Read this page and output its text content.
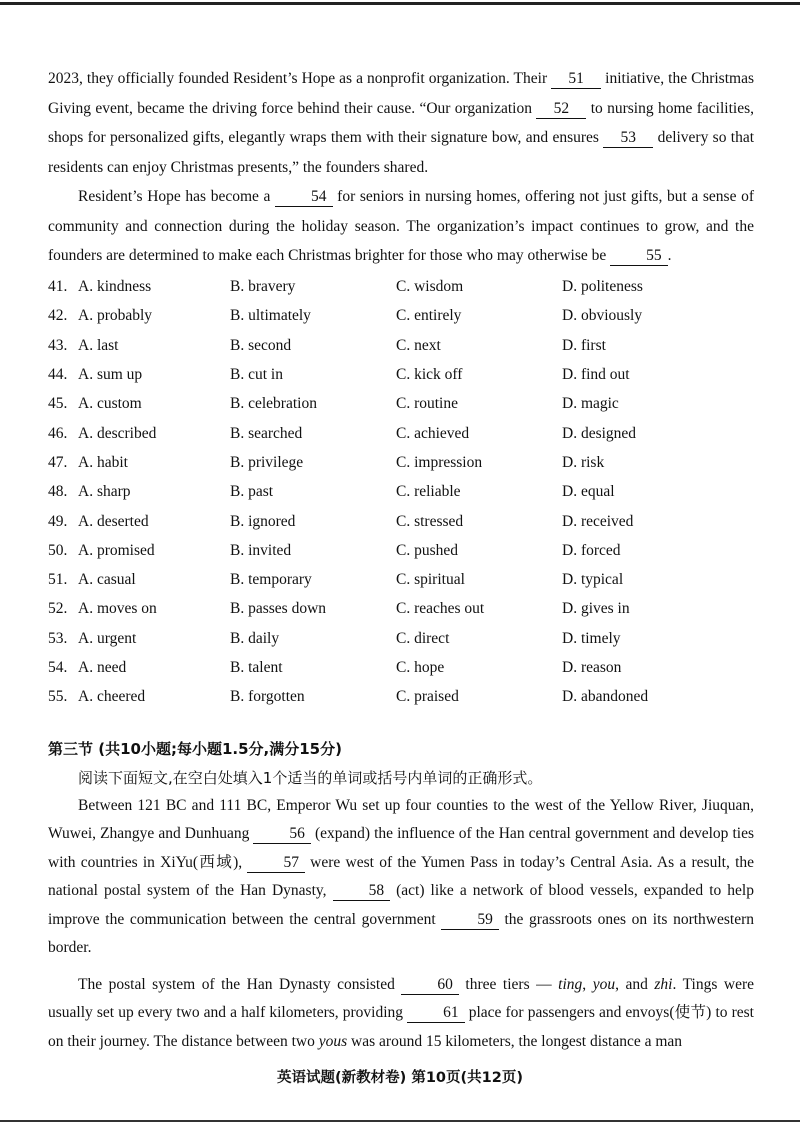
2023, they officially founded Resident’s Hope as a nonprofit organization. Their 51 initiative, the Christmas Giving event, became the driving force behind their cause. “Our organization 52 to nursing home facilities, shops for personalized gifts, elegantly wraps them with their signature bow, and ensures 53 delivery so that residents can enjoy Christmas presents,” the founders shared.

Resident’s Hope has become a 54 for seniors in nursing homes, offering not just gifts, but a sense of community and connection during the holiday season. The organization’s impact continues to grow, and the founders are determined to make each Christmas brighter for those who may otherwise be 55 .

41. A. kindness	B. bravery	C. wisdom	D. politeness
42. A. probably	B. ultimately	C. entirely	D. obviously
43. A. last	B. second	C. next	D. first
44. A. sum up	B. cut in	C. kick off	D. find out
45. A. custom	B. celebration	C. routine	D. magic
46. A. described	B. searched	C. achieved	D. designed
47. A. habit	B. privilege	C. impression	D. risk
48. A. sharp	B. past	C. reliable	D. equal
49. A. deserted	B. ignored	C. stressed	D. received
50. A. promised	B. invited	C. pushed	D. forced
51. A. casual	B. temporary	C. spiritual	D. typical
52. A. moves on	B. passes down	C. reaches out	D. gives in
53. A. urgent	B. daily	C. direct	D. timely
54. A. need	B. talent	C. hope	D. reason
55. A. cheered	B. forgotten	C. praised	D. abandoned
第三节 (共10小题;每小题1.5分,满分15分)
阅读下面短文,在空白处填入1个适当的单词或括号内单词的正确形式。

Between 121 BC and 111 BC, Emperor Wu set up four counties to the west of the Yellow River, Jiuquan, Wuwei, Zhangye and Dunhuang 56 (expand) the influence of the Han central government and develop ties with countries in XiYu(西域), 57 were west of the Yumen Pass in today’s Central Asia. As a result, the national postal system of the Han Dynasty, 58 (act) like a network of blood vessels, expanded to help improve the communication between the central government 59 the grassroots ones on its northwestern border.

The postal system of the Han Dynasty consisted 60 three tiers — ting, you, and zhi. Tings were usually set up every two and a half kilometers, providing 61 place for passengers and envoys(使节) to rest on their journey. The distance between two yous was around 15 kilometers, the longest distance a man

英语试题(新教材卷) 第10页(共12页)
